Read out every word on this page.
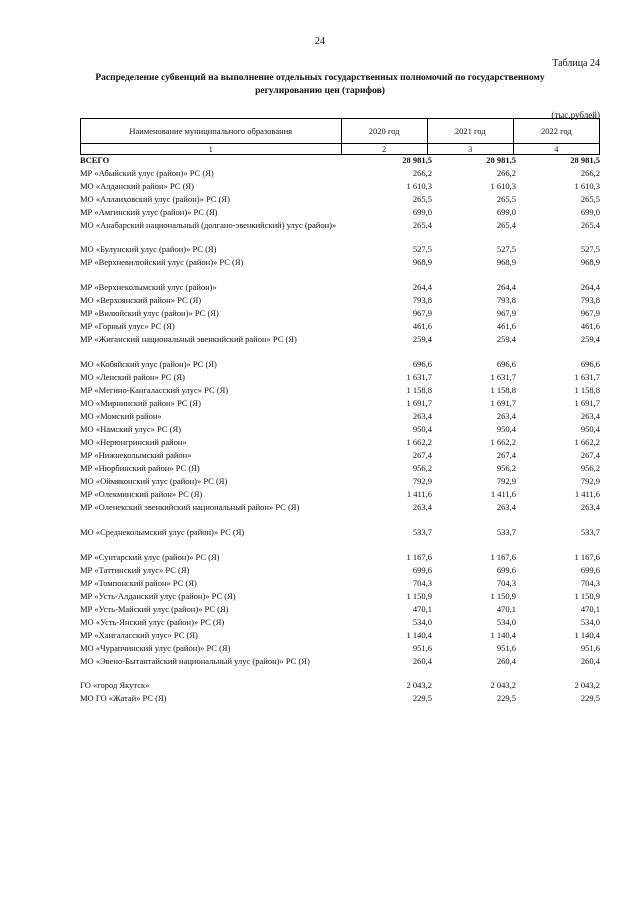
24
Таблица 24
Распределение субвенций на выполнение отдельных государственных полномочий по государственному
регулированию цен (тарифов)
(тыс.рублей)
Наименование муниципального образования	2020 год	2021 год	2022 год
1	2	3	4
ВСЕГО	28 981,5	28 981,5	28 981,5
МР «Абыйский улус (район)» РС (Я)	266,2	266,2	266,2
МО «Алданский район» РС (Я)	1 610,3	1 610,3	1 610,3
МО «Аллаиховский улус (район)» РС (Я)	265,5	265,5	265,5
МР «Амгинский улус (район)» РС (Я)	699,0	699,0	699,0
МО «Анабарский национальный (долгано-эвенкийский) улус (район)»	265,4	265,4	265,4
МО «Булунский улус (район)» РС (Я)	527,5	527,5	527,5
МР «Верхневилюйский улус (район)» РС (Я)	968,9	968,9	968,9
МР «Верхнеколымский улус (район)»	264,4	264,4	264,4
МО «Верхоянский район» РС (Я)	793,8	793,8	793,8
МР «Вилюйский улус (район)» РС (Я)	967,9	967,9	967,9
МР «Горный улус» РС (Я)	461,6	461,6	461,6
МР «Жиганский национальный эвенкийский район» РС (Я)	259,4	259,4	259,4
МО «Кобяйский улус (район)» РС (Я)	696,6	696,6	696,6
МО «Ленский район» РС (Я)	1 631,7	1 631,7	1 631,7
МР «Мегино-Кангаласский улус» РС (Я)	1 158,8	1 158,8	1 158,8
МО «Мирнинский район» РС (Я)	1 691,7	1 691,7	1 691,7
МО «Момский район»	263,4	263,4	263,4
МО «Намский улус» РС (Я)	950,4	950,4	950,4
МО «Нерюнгринский район»	1 662,2	1 662,2	1 662,2
МР «Нижнеколымский район»	267,4	267,4	267,4
МР «Нюрбинский район» РС (Я)	956,2	956,2	956,2
МО «Оймяконский улус (район)» РС (Я)	792,9	792,9	792,9
МР «Олекминский район» РС (Я)	1 411,6	1 411,6	1 411,6
МР «Оленекский эвенкийский национальный район» РС (Я)	263,4	263,4	263,4
МО «Среднеколымский улус (район)» РС (Я)	533,7	533,7	533,7
МР «Сунтарский улус (район)» РС (Я)	1 167,6	1 167,6	1 167,6
МР «Таттинский улус» РС (Я)	699,6	699,6	699,6
МР «Томпонский район» РС (Я)	704,3	704,3	704,3
МР «Усть-Алданский улус (район)» РС (Я)	1 150,9	1 150,9	1 150,9
МР «Усть-Майский улус (район)» РС (Я)	470,1	470,1	470,1
МО «Усть-Янский улус (район)» РС (Я)	534,0	534,0	534,0
МР «Хангаласский улус» РС (Я)	1 140,4	1 140,4	1 140,4
МО «Чурапчинский улус (район)» РС (Я)	951,6	951,6	951,6
МО «Эвено-Бытантайский национальный улус (район)» РС (Я)	260,4	260,4	260,4
ГО «город Якутск»	2 043,2	2 043,2	2 043,2
МО ГО «Жатай» РС (Я)	229,5	229,5	229,5
